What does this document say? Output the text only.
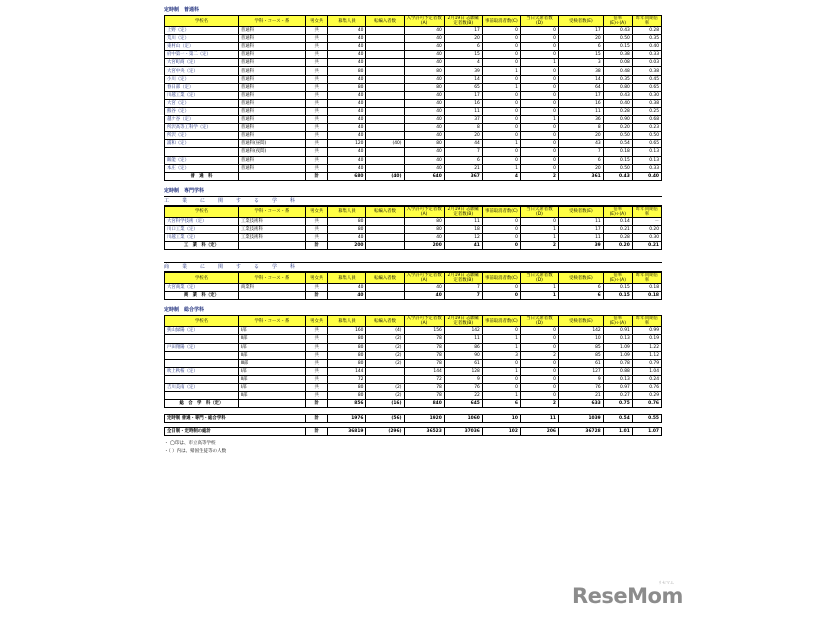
定時制　普通科
学校名	学科・コース・系	男女共	募集人員	転編入者数	入学許可予定者数(A)	2月19日 志願確定者数(B)	事前取消者数(C)	当日欠席者数(D)	受検者数(E)	倍率(E)÷(A)	昨年同期倍率
上野（定）	普通科	共	40		40	17	0	0	17	0.43	0.28
荒川（定）	普通科	共	40		40	20	0	0	20	0.50	0.35
東村山（定）	普通科	共	40		40	6	0	0	6	0.15	0.40
府中第一・第二（定）	普通科	共	40		40	15	0	0	15	0.38	0.33
大宮町商（定）	普通科	共	40		40	4	0	1	3	0.08	0.03
大宮中央（定）	普通科	共	80		80	39	1	0	38	0.48	0.38
小川（定）	普通科	共	40		40	14	0	0	14	0.35	0.45
春日部（定）	普通科	共	80		80	65	1	0	64	0.80	0.65
川越工業（定）	普通科	共	40		40	17	0	0	17	0.43	0.30
大宮（定）	普通科	共	40		40	16	0	0	16	0.40	0.38
熊谷（定）	普通科	共	40		40	11	0	0	11	0.28	0.25
越ケ谷（定）	普通科	共	40		40	37	0	1	36	0.90	0.68
所沢高等工科学（定）	普通科	共	40		40	8	0	0	8	0.20	0.23
所沢（定）	普通科	共	40		40	20	0	0	20	0.50	0.50
浦和（定）	普通科(昼間)	共	120	(40)	80	44	1	0	43	0.54	0.65
	普通科(夜間)	共	40		40	7	0	0	7	0.18	0.13
飯能（定）	普通科	共	40		40	6	0	0	6	0.15	0.13
本庄（定）	普通科	共	40		40	21	1	0	20	0.50	0.33
普　通　科		計	680	(40)	640	367	4	2	361	0.43	0.40
定時制　専門学科
工　業　に　関　す　る　学　科
学校名	学科・コース・系	男女共	募集人員	転編入者数	入学許可予定者数(A)	2月19日 志願確定者数(B)	事前取消者数(C)	当日欠席者数(D)	受検者数(E)	倍率(E)÷(A)	昨年同期倍率
大宮科学技術（定）	工業技術科	共	80		80	11	0	0	11	0.14	－
川口工業（定）	工業技術科	共	80		80	18	0	1	17	0.21	0.20
川越工業（定）	工業技術科	共	40		40	12	0	1	11	0.28	0.30
工　業　科（定）		計	200		200	41	0	2	39	0.20	0.21
商　業　に　関　す　る　学　科
学校名	学科・コース・系	男女共	募集人員	転編入者数	入学許可予定者数(A)	2月19日 志願確定者数(B)	事前取消者数(C)	当日欠席者数(D)	受検者数(E)	倍率(E)÷(A)	昨年同期倍率
大宮商業（定）	商業科	共	40		40	7	0	1	6	0.15	0.18
商　業　科（定）		計	40		40	7	0	1	6	0.15	0.18
定時制　総合学科
学校名	学科・コース・系	男女共	募集人員	転編入者数	入学許可予定者数(A)	2月19日 志願確定者数(B)	事前取消者数(C)	当日欠席者数(D)	受検者数(E)	倍率(E)÷(A)	昨年同期倍率
狭山緑陽（定）	Ⅰ部	共	160	(4)	156	142	0	0	142	0.91	0.99
	Ⅱ部	共	80	(2)	78	11	1	0	10	0.13	0.19
戸田翔陽（定）	Ⅰ部	共	80	(2)	78	86	1	0	85	1.09	1.22
	Ⅱ部	共	80	(2)	78	90	3	2	85	1.09	1.12
	Ⅲ部	共	80	(2)	78	61	0	0	61	0.78	0.79
吹上秋桜（定）	Ⅰ部	共	144		144	128	1	0	127	0.88	1.04
	Ⅱ部	共	72		72	9	0	0	9	0.13	0.24
吉川美南（定）	Ⅰ部	共	80	(2)	78	76	0	0	76	0.97	0.76
	Ⅱ部	共	80	(2)	78	22	1	0	21	0.27	0.29
総　合　学　科（定）		計	856	(16)	840	645	6	2	633	0.75	0.76
定時制 普通・専門・総合学科	計	1976	(56)	1920	1060	10	11	1039	0.54	0.55
全日制・定時制の総計	計	36819	(296)	36523	37036	102	206	36728	1.01	1.07
・ ◯印は、市立高等学校
・（ ）内は、帰国生徒等の人数
ReseMom
リセマム
